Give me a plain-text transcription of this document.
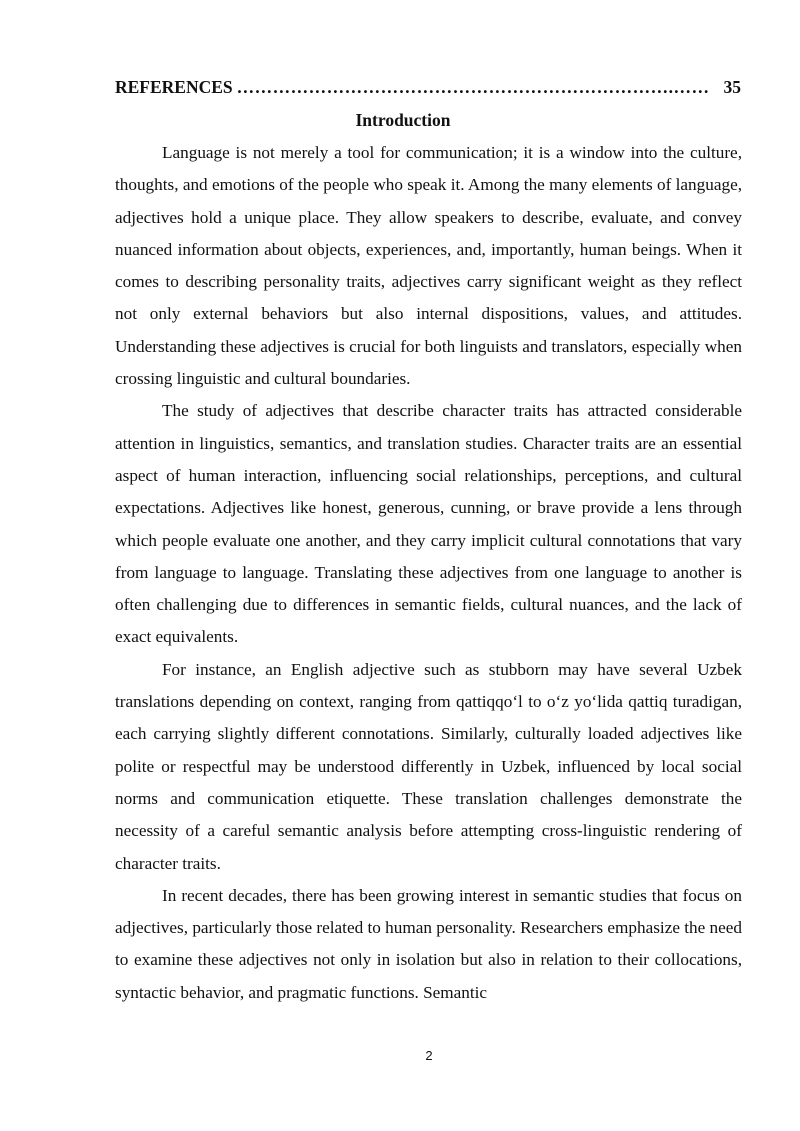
REFERENCES ……………………………………………………………….…… 35
Introduction

Language is not merely a tool for communication; it is a window into the culture, thoughts, and emotions of the people who speak it. Among the many elements of language, adjectives hold a unique place. They allow speakers to describe, evaluate, and convey nuanced information about objects, experiences, and, importantly, human beings. When it comes to describing personality traits, adjectives carry significant weight as they reflect not only external behaviors but also internal dispositions, values, and attitudes. Understanding these adjectives is crucial for both linguists and translators, especially when crossing linguistic and cultural boundaries.

The study of adjectives that describe character traits has attracted considerable attention in linguistics, semantics, and translation studies. Character traits are an essential aspect of human interaction, influencing social relationships, perceptions, and cultural expectations. Adjectives like honest, generous, cunning, or brave provide a lens through which people evaluate one another, and they carry implicit cultural connotations that vary from language to language. Translating these adjectives from one language to another is often challenging due to differences in semantic fields, cultural nuances, and the lack of exact equivalents.

For instance, an English adjective such as stubborn may have several Uzbek translations depending on context, ranging from qattiqqo‘l to o‘z yo‘lida qattiq turadigan, each carrying slightly different connotations. Similarly, culturally loaded adjectives like polite or respectful may be understood differently in Uzbek, influenced by local social norms and communication etiquette. These translation challenges demonstrate the necessity of a careful semantic analysis before attempting cross-linguistic rendering of character traits.

In recent decades, there has been growing interest in semantic studies that focus on adjectives, particularly those related to human personality. Researchers emphasize the need to examine these adjectives not only in isolation but also in relation to their collocations, syntactic behavior, and pragmatic functions. Semantic

2
